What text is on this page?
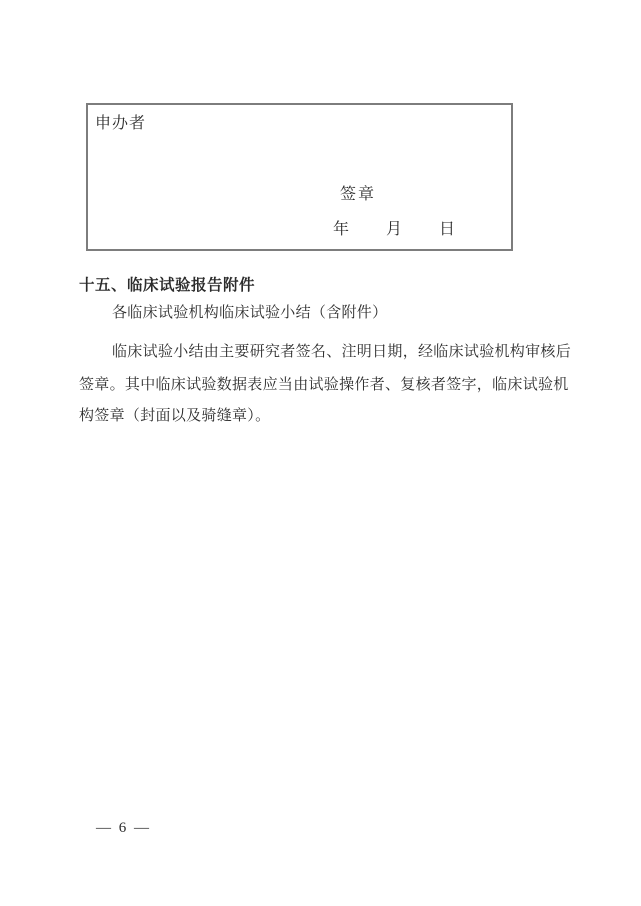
申办者
签章
年 月 日
十五、临床试验报告附件
各临床试验机构临床试验小结（含附件）
临床试验小结由主要研究者签名、注明日期，经临床试验机构审核后
签章。其中临床试验数据表应当由试验操作者、复核者签字，临床试验机
构签章（封面以及骑缝章）。
— 6 —
